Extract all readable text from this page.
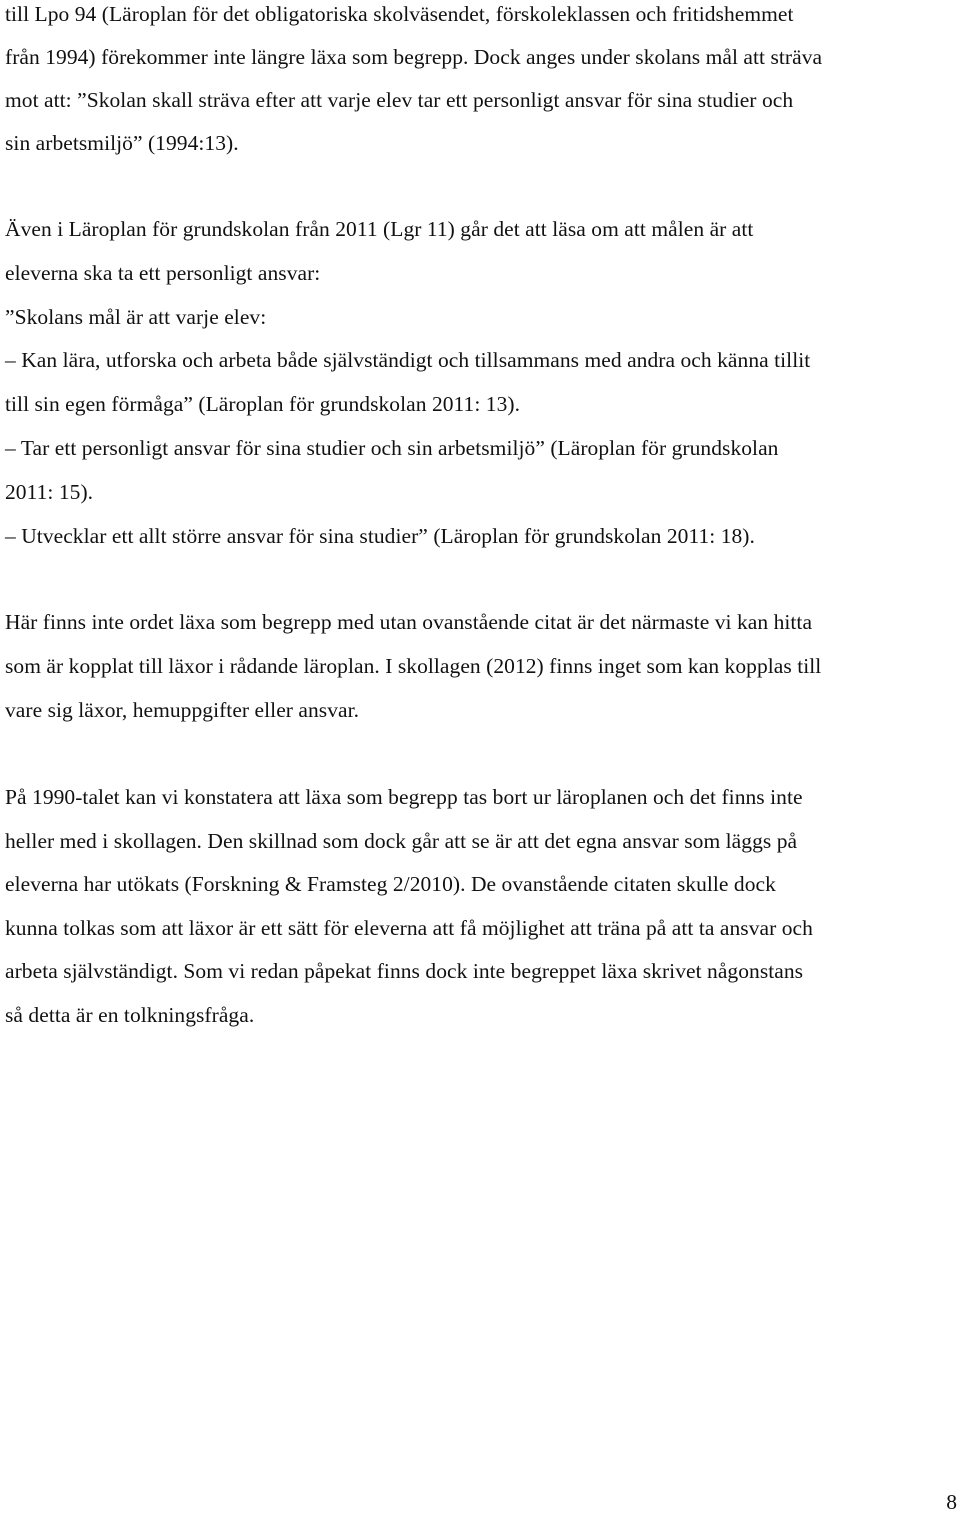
till Lpo 94 (Läroplan för det obligatoriska skolväsendet, förskoleklassen och fritidshemmet
från 1994) förekommer inte längre läxa som begrepp. Dock anges under skolans mål att sträva
mot att: ”Skolan skall sträva efter att varje elev tar ett personligt ansvar för sina studier och
sin arbetsmiljö” (1994:13).
Även i Läroplan för grundskolan från 2011 (Lgr 11) går det att läsa om att målen är att
eleverna ska ta ett personligt ansvar:
”Skolans mål är att varje elev:
– Kan lära, utforska och arbeta både självständigt och tillsammans med andra och känna tillit
till sin egen förmåga” (Läroplan för grundskolan 2011: 13).
– Tar ett personligt ansvar för sina studier och sin arbetsmiljö” (Läroplan för grundskolan
2011: 15).
– Utvecklar ett allt större ansvar för sina studier” (Läroplan för grundskolan 2011: 18).
Här finns inte ordet läxa som begrepp med utan ovanstående citat är det närmaste vi kan hitta
som är kopplat till läxor i rådande läroplan. I skollagen (2012) finns inget som kan kopplas till
vare sig läxor, hemuppgifter eller ansvar.
På 1990-talet kan vi konstatera att läxa som begrepp tas bort ur läroplanen och det finns inte
heller med i skollagen. Den skillnad som dock går att se är att det egna ansvar som läggs på
eleverna har utökats (Forskning & Framsteg 2/2010). De ovanstående citaten skulle dock
kunna tolkas som att läxor är ett sätt för eleverna att få möjlighet att träna på att ta ansvar och
arbeta självständigt. Som vi redan påpekat finns dock inte begreppet läxa skrivet någonstans
så detta är en tolkningsfråga.
8
